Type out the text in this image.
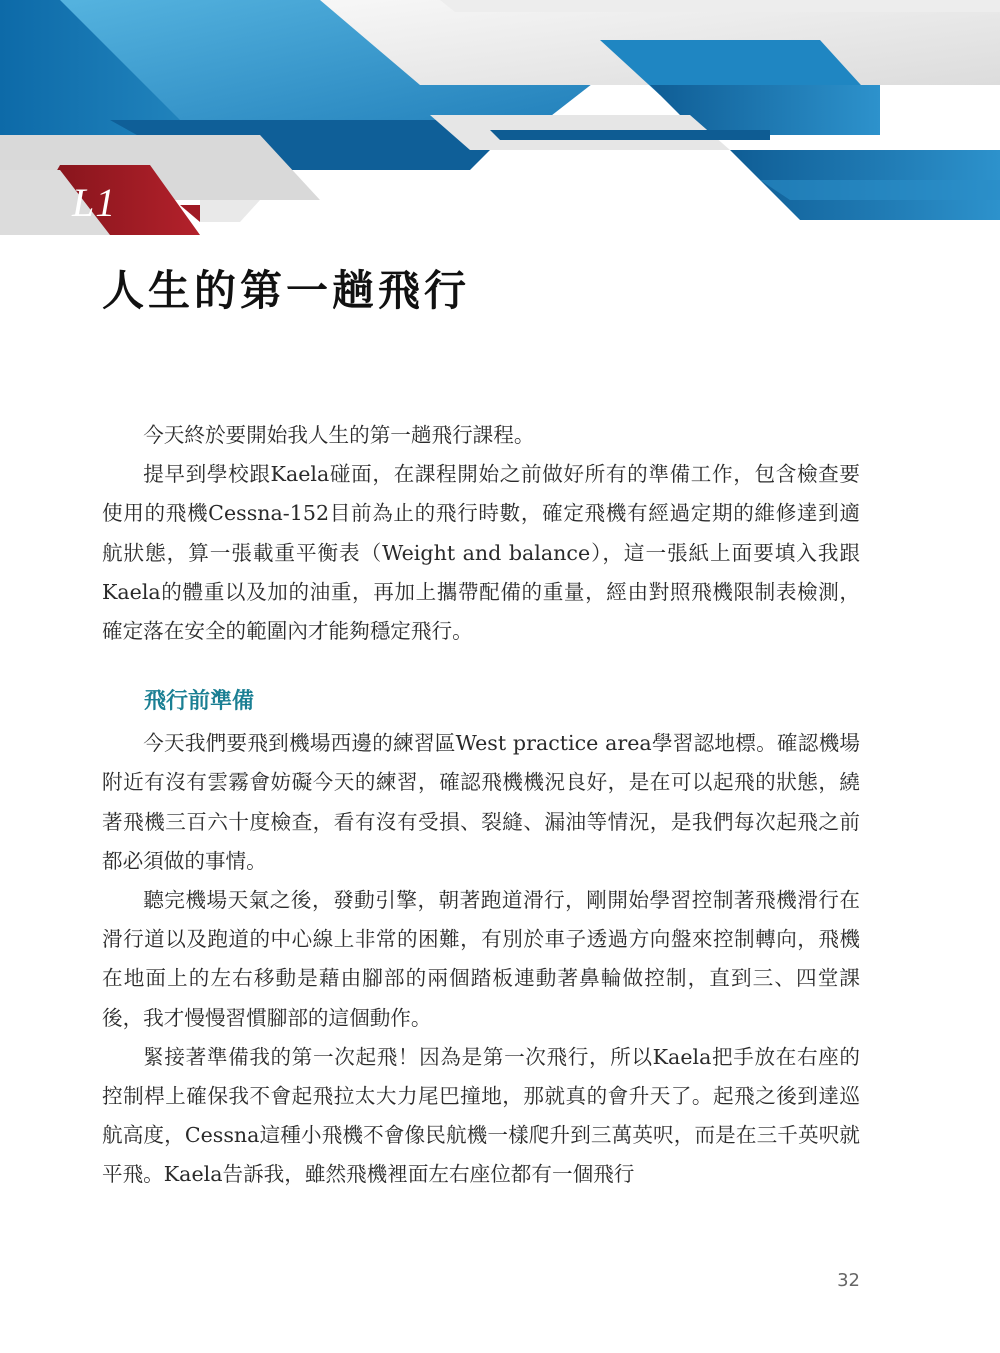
L1
人生的第一趟飛行

今天終於要開始我人生的第一趟飛行課程。

提早到學校跟Kaela碰面，在課程開始之前做好所有的準備工作，包含檢查要使用的飛機Cessna-152目前為止的飛行時數，確定飛機有經過定期的維修達到適航狀態，算一張載重平衡表（Weight and balance），這一張紙上面要填入我跟Kaela的體重以及加的油重，再加上攜帶配備的重量，經由對照飛機限制表檢測，確定落在安全的範圍內才能夠穩定飛行。

飛行前準備

今天我們要飛到機場西邊的練習區West practice area學習認地標。確認機場附近有沒有雲霧會妨礙今天的練習，確認飛機機況良好，是在可以起飛的狀態，繞著飛機三百六十度檢查，看有沒有受損、裂縫、漏油等情況，是我們每次起飛之前都必須做的事情。

聽完機場天氣之後，發動引擎，朝著跑道滑行，剛開始學習控制著飛機滑行在滑行道以及跑道的中心線上非常的困難，有別於車子透過方向盤來控制轉向，飛機在地面上的左右移動是藉由腳部的兩個踏板連動著鼻輪做控制，直到三、四堂課後，我才慢慢習慣腳部的這個動作。

緊接著準備我的第一次起飛！因為是第一次飛行，所以Kaela把手放在右座的控制桿上確保我不會起飛拉太大力尾巴撞地，那就真的會升天了。起飛之後到達巡航高度，Cessna這種小飛機不會像民航機一樣爬升到三萬英呎，而是在三千英呎就平飛。Kaela告訴我，雖然飛機裡面左右座位都有一個飛行

32
